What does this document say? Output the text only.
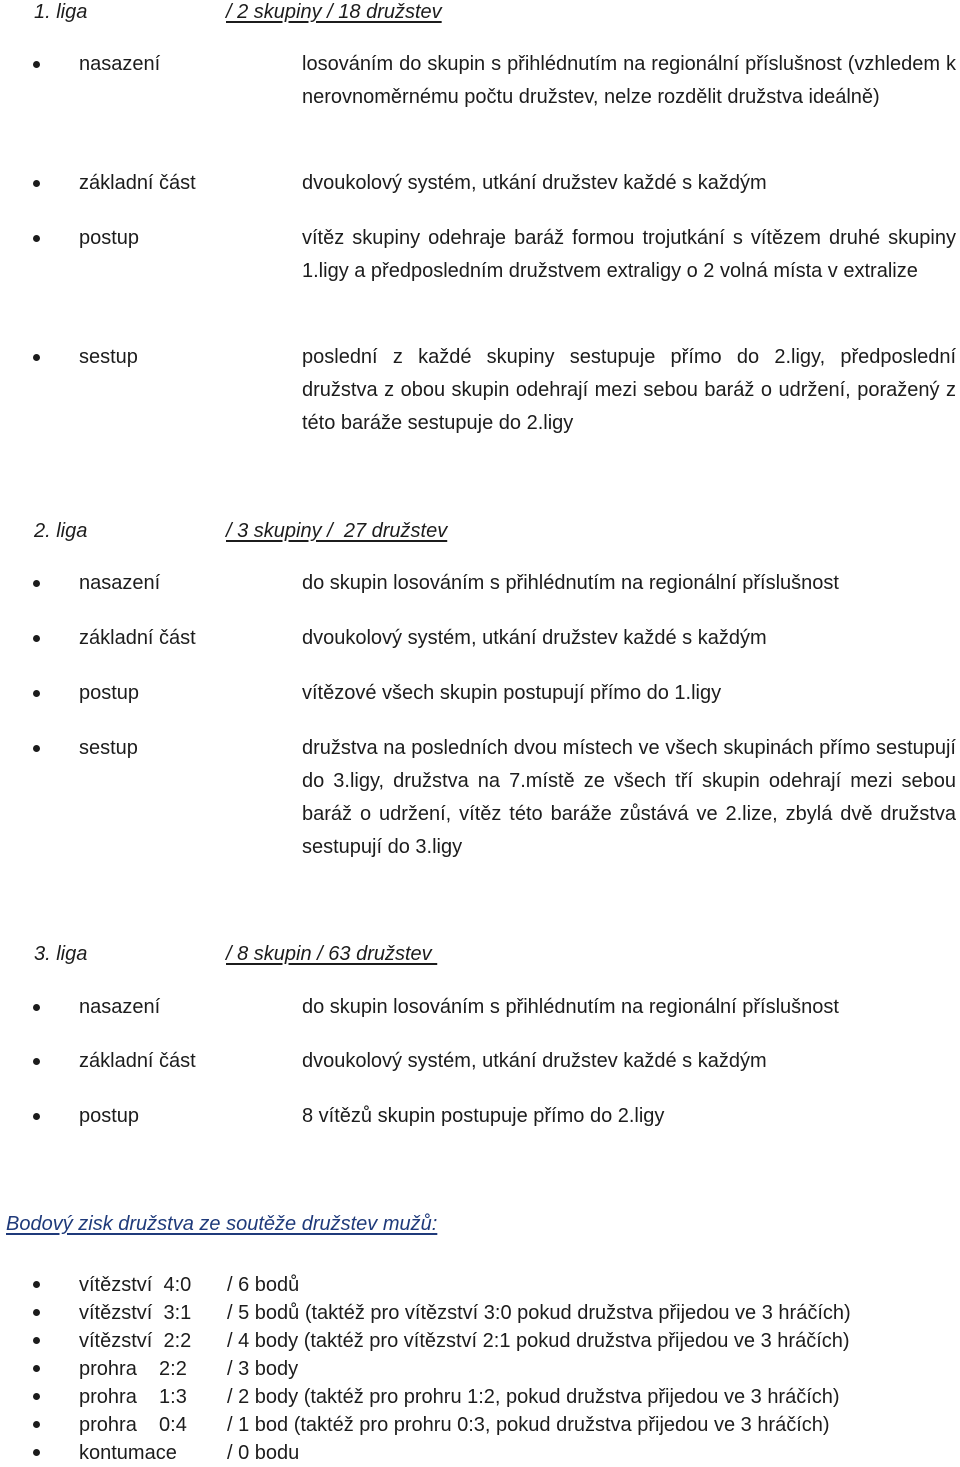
1. liga	/ 2 skupiny / 18 družstev
nasazení	losováním do skupin s přihlédnutím na regionální příslušnost (vzhledem k nerovnoměrnému počtu družstev, nelze rozdělit družstva ideálně)
základní část	dvoukolový systém, utkání družstev každé s každým
postup	vítěz skupiny odehraje baráž formou trojutkání s vítězem druhé skupiny 1.ligy a předposledním družstvem extraligy o 2 volná místa v extralize
sestup	poslední z každé skupiny sestupuje přímo do 2.ligy, předposlední družstva z obou skupin odehrají mezi sebou baráž o udržení, poražený z této baráže sestupuje do 2.ligy
2. liga	/ 3 skupiny /  27 družstev
nasazení	do skupin losováním s přihlédnutím na regionální příslušnost
základní část	dvoukolový systém, utkání družstev každé s každým
postup	vítězové všech skupin postupují přímo do 1.ligy
sestup	družstva na posledních dvou místech ve všech skupinách přímo sestupují do 3.ligy, družstva na 7.místě ze všech tří skupin odehrají mezi sebou baráž o udržení, vítěz této baráže zůstává ve 2.lize, zbylá dvě družstva sestupují do 3.ligy
3. liga	/ 8 skupin / 63 družstev
nasazení	do skupin losováním s přihlédnutím na regionální příslušnost
základní část	dvoukolový systém, utkání družstev každé s každým
postup	8 vítězů skupin postupuje přímo do 2.ligy
Bodový zisk družstva ze soutěže družstev mužů:
vítězství  4:0 / 6 bodů
vítězství  3:1 / 5 bodů (taktéž pro vítězství 3:0 pokud družstva přijedou ve 3 hráčích)
vítězství  2:2 / 4 body (taktéž pro vítězství 2:1 pokud družstva přijedou ve 3 hráčích)
prohra    2:2 / 3 body
prohra    1:3 / 2 body (taktéž pro prohru 1:2, pokud družstva přijedou ve 3 hráčích)
prohra    0:4 / 1 bod (taktéž pro prohru 0:3, pokud družstva přijedou ve 3 hráčích)
kontumace	/ 0 bodu
